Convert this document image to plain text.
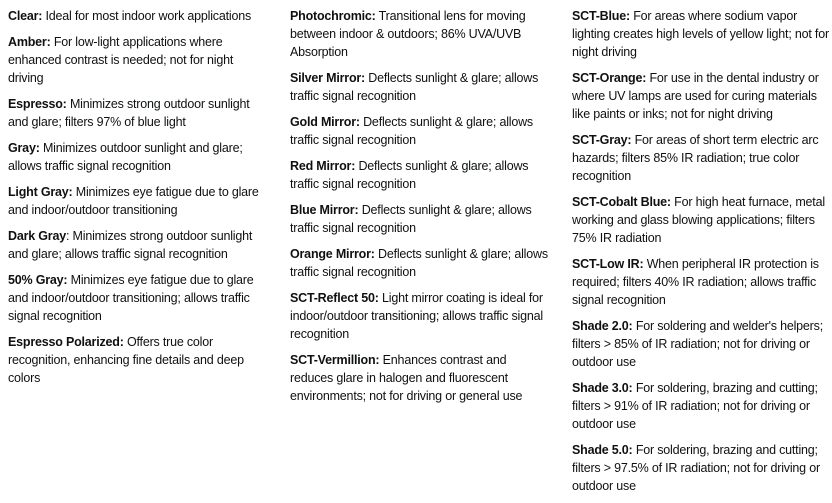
Clear: Ideal for most indoor work applications

Amber: For low-light applications where enhanced contrast is needed; not for night driving

Espresso: Minimizes strong outdoor sunlight and glare; filters 97% of blue light

Gray: Minimizes outdoor sunlight and glare; allows traffic signal recognition

Light Gray: Minimizes eye fatigue due to glare and indoor/outdoor transitioning

Dark Gray: Minimizes strong outdoor sunlight and glare; allows traffic signal recognition

50% Gray: Minimizes eye fatigue due to glare and indoor/outdoor transitioning; allows traffic signal recognition

Espresso Polarized: Offers true color recognition, enhancing fine details and deep colors

Photochromic: Transitional lens for moving between indoor & outdoors; 86% UVA/UVB Absorption

Silver Mirror: Deflects sunlight & glare; allows traffic signal recognition

Gold Mirror: Deflects sunlight & glare; allows traffic signal recognition

Red Mirror: Deflects sunlight & glare; allows traffic signal recognition

Blue Mirror: Deflects sunlight & glare; allows traffic signal recognition

Orange Mirror: Deflects sunlight & glare; allows traffic signal recognition

SCT-Reflect 50: Light mirror coating is ideal for indoor/outdoor transitioning; allows traffic signal recognition

SCT-Vermillion: Enhances contrast and reduces glare in halogen and fluorescent environments; not for driving or general use

SCT-Blue: For areas where sodium vapor lighting creates high levels of yellow light; not for night driving

SCT-Orange: For use in the dental industry or where UV lamps are used for curing materials like paints or inks; not for night driving

SCT-Gray: For areas of short term electric arc hazards; filters 85% IR radiation; true color recognition

SCT-Cobalt Blue: For high heat furnace, metal working and glass blowing applications; filters 75% IR radiation

SCT-Low IR: When peripheral IR protection is required; filters 40% IR radiation; allows traffic signal recognition

Shade 2.0: For soldering and welder's helpers; filters > 85% of IR radiation; not for driving or outdoor use

Shade 3.0: For soldering, brazing and cutting; filters > 91% of IR radiation; not for driving or outdoor use

Shade 5.0: For soldering, brazing and cutting; filters > 97.5% of IR radiation; not for driving or outdoor use
